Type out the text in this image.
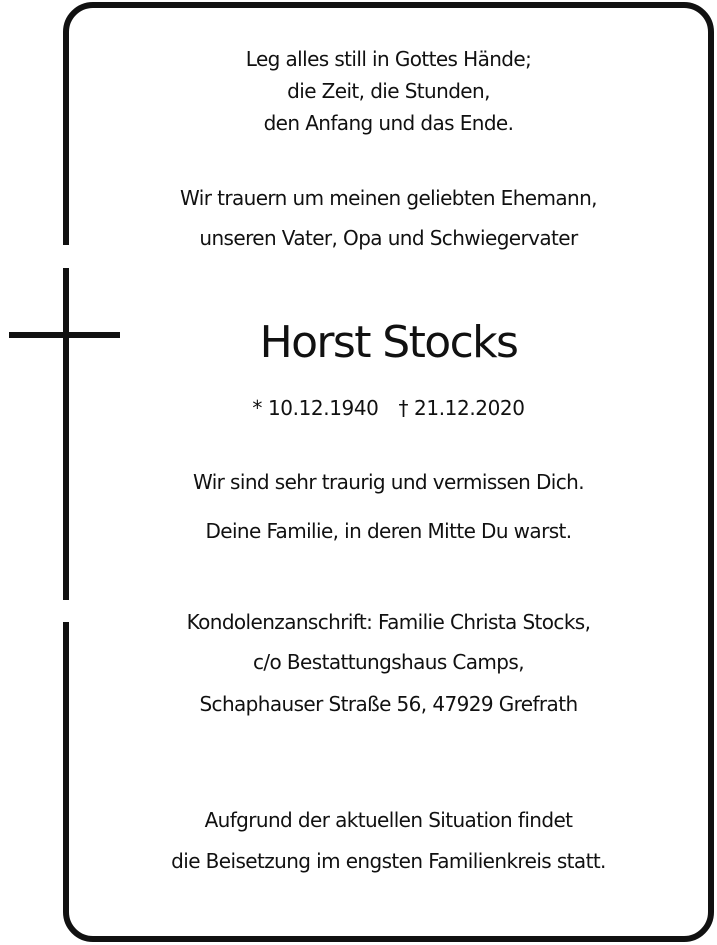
Leg alles still in Gottes Hände;
die Zeit, die Stunden,
den Anfang und das Ende.
Wir trauern um meinen geliebten Ehemann,
unseren Vater, Opa und Schwiegervater
Horst Stocks
* 10.12.1940 † 21.12.2020
Wir sind sehr traurig und vermissen Dich.
Deine Familie, in deren Mitte Du warst.
Kondolenzanschrift: Familie Christa Stocks,
c/o Bestattungshaus Camps,
Schaphauser Straße 56, 47929 Grefrath
Aufgrund der aktuellen Situation findet
die Beisetzung im engsten Familienkreis statt.
